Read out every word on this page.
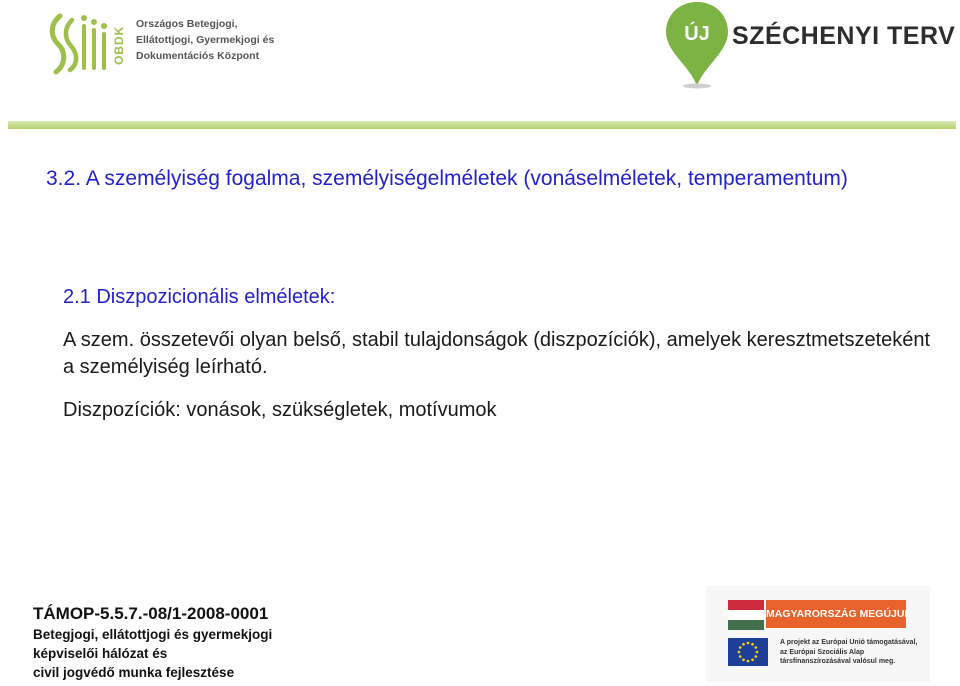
OBDK
Országos Betegjogi,
Ellátottjogi, Gyermekjogi és
Dokumentációs Központ
ÚJ SZÉCHENYI TERV
3.2. A személyiség fogalma, személyiségelméletek (vonáselméletek, temperamentum)
2.1 Diszpozicionális elméletek:
A szem. összetevői olyan belső, stabil tulajdonságok (diszpozíciók), amelyek keresztmetszeteként a személyiség leírható.
Diszpozíciók: vonások, szükségletek, motívumok
TÁMOP-5.5.7.-08/1-2008-0001
Betegjogi, ellátottjogi és gyermekjogi
képviselői hálózat és
civil jogvédő munka fejlesztése
MAGYARORSZÁG MEGÚJUL
A projekt az Európai Unió támogatásával,
az Európai Szociális Alap
társfinanszírozásával valósul meg.
